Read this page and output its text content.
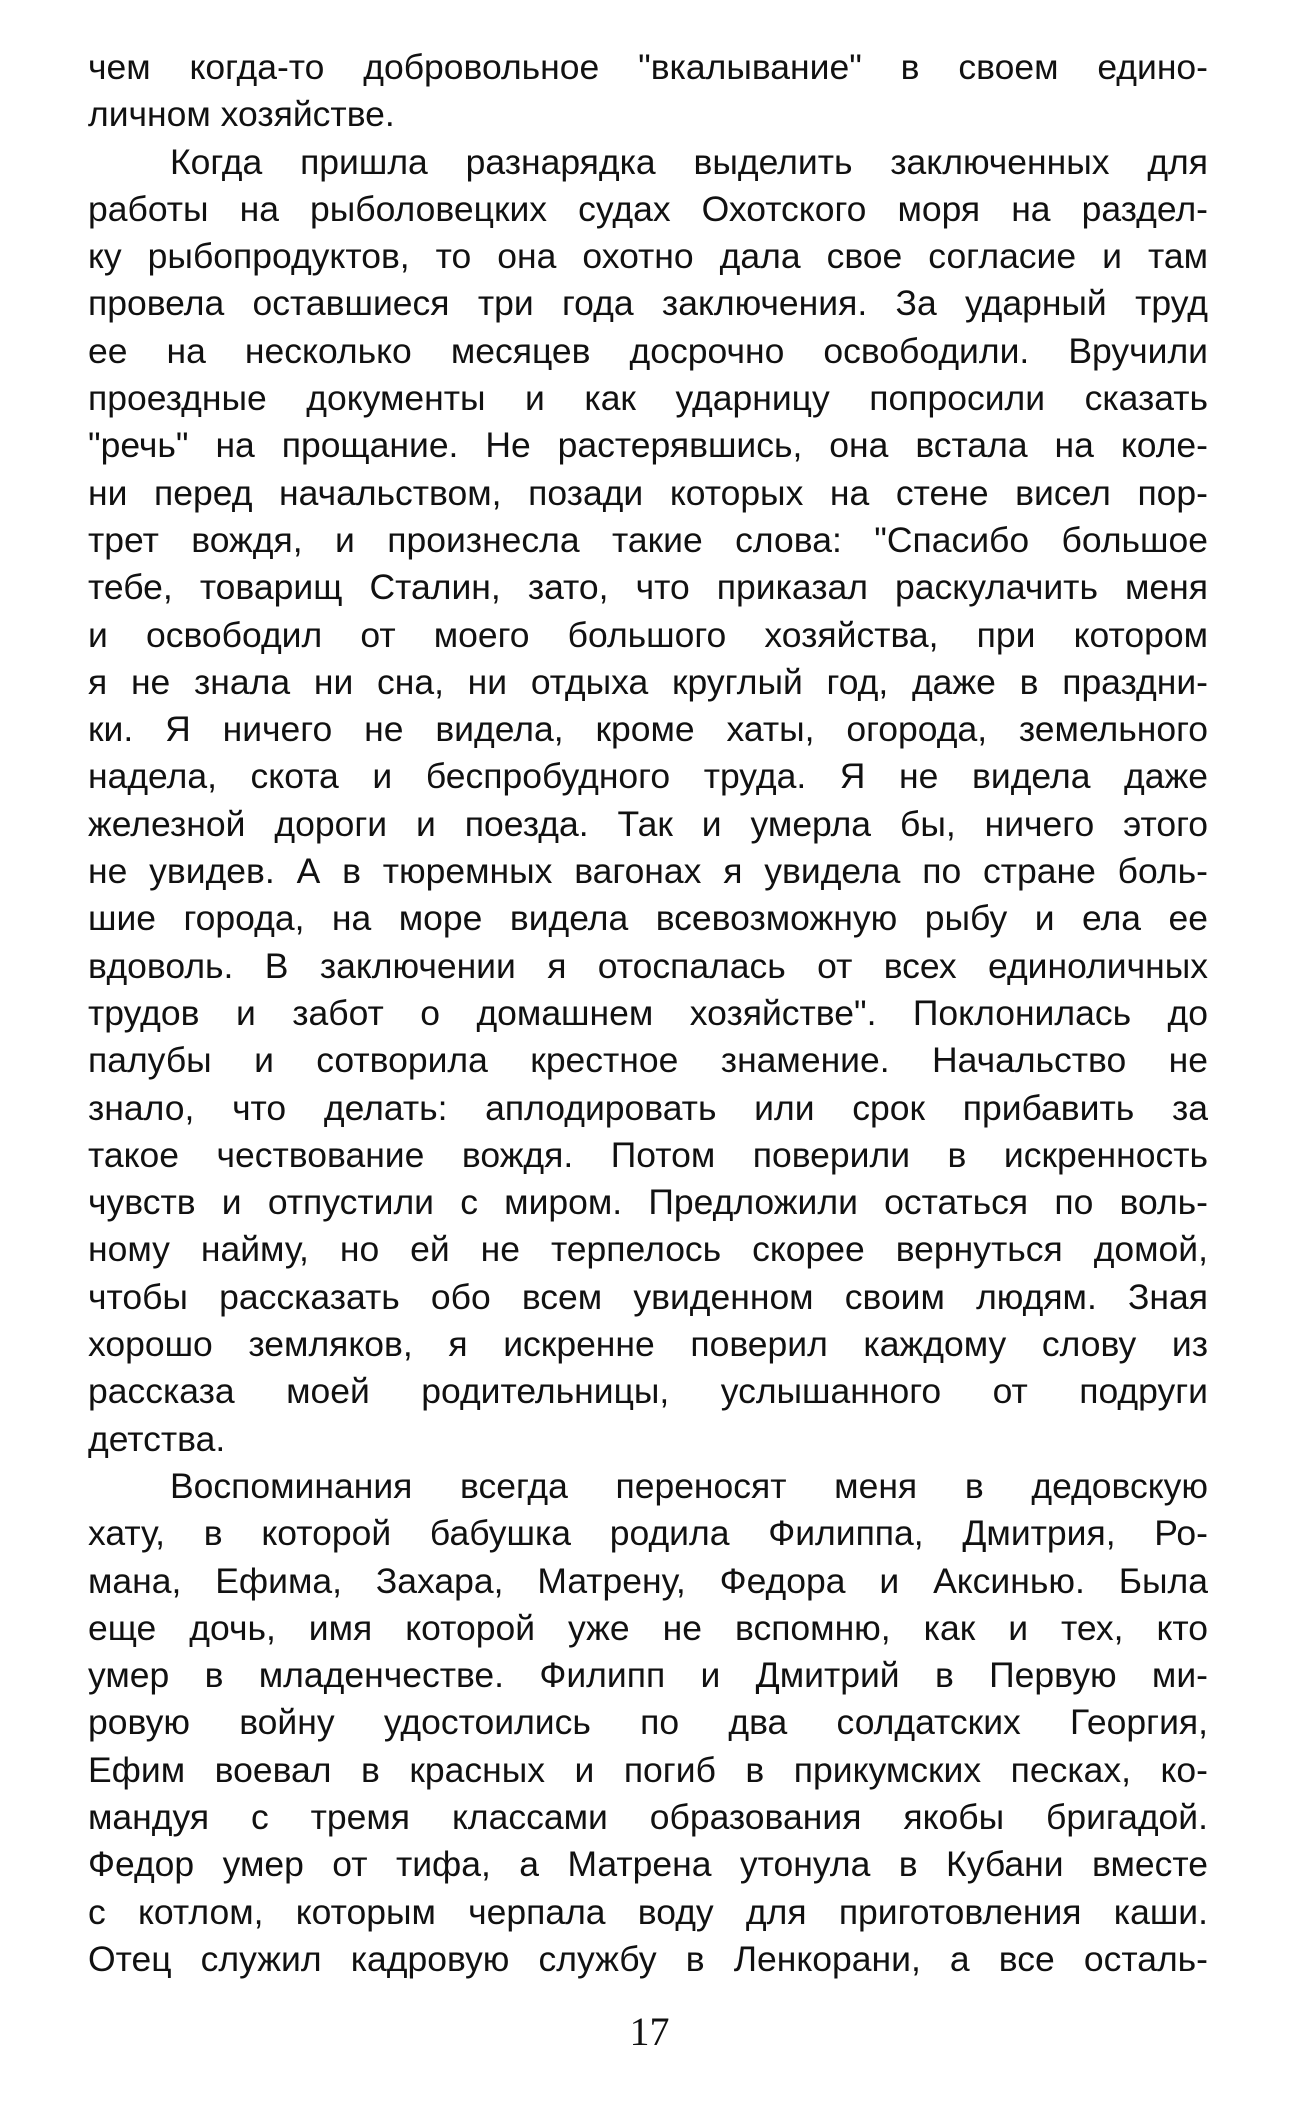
чем когда-то добровольное "вкалывание" в своем едино-
личном хозяйстве.
Когда пришла разнарядка выделить заключенных для
работы на рыболовецких судах Охотского моря на раздел-
ку рыбопродуктов, то она охотно дала свое согласие и там
провела оставшиеся три года заключения. За ударный труд
ее на несколько месяцев досрочно освободили. Вручили
проездные документы и как ударницу попросили сказать
"речь" на прощание. Не растерявшись, она встала на коле-
ни перед начальством, позади которых на стене висел пор-
трет вождя, и произнесла такие слова: "Спасибо большое
тебе, товарищ Сталин, зато, что приказал раскулачить меня
и освободил от моего большого хозяйства, при котором
я не знала ни сна, ни отдыха круглый год, даже в праздни-
ки. Я ничего не видела, кроме хаты, огорода, земельного
надела, скота и беспробудного труда. Я не видела даже
железной дороги и поезда. Так и умерла бы, ничего этого
не увидев. А в тюремных вагонах я увидела по стране боль-
шие города, на море видела всевозможную рыбу и ела ее
вдоволь. В заключении я отоспалась от всех единоличных
трудов и забот о домашнем хозяйстве". Поклонилась до
палубы и сотворила крестное знамение. Начальство не
знало, что делать: аплодировать или срок прибавить за
такое чествование вождя. Потом поверили в искренность
чувств и отпустили с миром. Предложили остаться по воль-
ному найму, но ей не терпелось скорее вернуться домой,
чтобы рассказать обо всем увиденном своим людям. Зная
хорошо земляков, я искренне поверил каждому слову из
рассказа моей родительницы, услышанного от подруги
детства.
Воспоминания всегда переносят меня в дедовскую
хату, в которой бабушка родила Филиппа, Дмитрия, Ро-
мана, Ефима, Захара, Матрену, Федора и Аксинью. Была
еще дочь, имя которой уже не вспомню, как и тех, кто
умер в младенчестве. Филипп и Дмитрий в Первую ми-
ровую войну удостоились по два солдатских Георгия,
Ефим воевал в красных и погиб в прикумских песках, ко-
мандуя с тремя классами образования якобы бригадой.
Федор умер от тифа, а Матрена утонула в Кубани вместе
с котлом, которым черпала воду для приготовления каши.
Отец служил кадровую службу в Ленкорани, а все осталь-
17
